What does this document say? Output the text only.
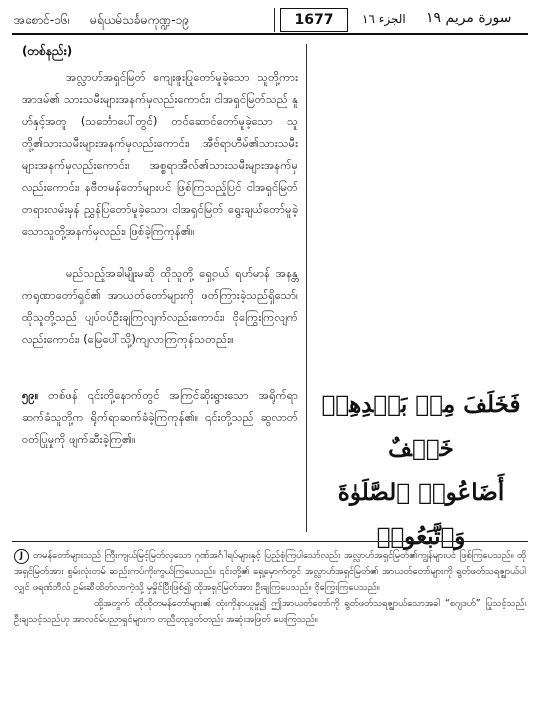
အစောင်-၁၆၊ မရ်ယမ်သင်္ခမကုဏ္ဍ-၁၉	1677	الجزء ١٦ سورة مريم ١٩
(တစ်နည်း)

အလ္လာဟ်အရှင်မြတ် ကျေးဇူးပြုတော်မူခဲ့သော သူတို့ကား အာဒမ်၏ သားသမီးများအနက်မှလည်းကောင်း၊ ငါအရှင်မြတ်သည် နူဟ်နှင့်အတူ (သင်္ဘောပေါ်တွင်) တင်ဆောင်တော်မူခဲ့သော သူတို့၏သားသမီးများအနက်မှလည်းကောင်း၊ အီဗ်ရာဟီမ်၏သားသမီးများအနက်မှလည်းကောင်း၊ အစ္စရာအီလ်၏သားသမီးများအနက်မှလည်းကောင်း၊ နဗီတမန်တော်များပင် ဖြစ်ကြသည့်ပြင် ငါအရှင်မြတ် တရားလမ်းမှန် ညွှန်ပြတော်မူခဲ့သော၊ ငါအရှင်မြတ် ရွေးချယ်တော်မူခဲ့သောသူတို့အနက်မှလည်း၊ ဖြစ်ခဲ့ကြကုန်၏။

မည်သည့်အခါမျိုးမဆို ထိုသူတို့ ရှေ့ဝယ် ရဟ်မာန် အနန္တကရုဏာတော်ရှင်၏ အာယတ်တော်များကို ဖတ်ကြားခဲ့သည်ရှိသော်၊ ထိုသူတို့သည် ပျပ်ဝပ်ဦးချကြလျက်လည်းကောင်း၊ ငိုကြွေးကြလျက်လည်းကောင်း၊ (မြေပေါ်သို့)ကျလာကြကုန်သတည်း။

၅၉။ တစ်ဖန် ၎င်းတို့နောက်တွင် အကြင်ဆိုးရွားသော အရိုက်ရာဆက်ခံသူတို့က ရိုက်ရာဆက်ခံခဲ့ကြကုန်၏။ ၎င်းတို့သည် ဆွလာတ်ဝတ်ပြုမှုကို ဖျက်ဆီးခဲ့ကြ၏။

فَخَلَفَ مِنۢ بَعۡدِهِمۡ خَلۡفٌ
أَضَاعُوا۟ ٱلصَّلَوٰةَ وَٱتَّبَعُوا۟

J တမန်တော်များသည် ကြီးကျယ်မြင့်မြတ်လှသော ဂုဏ်အင်္ဂါရပ်များနှင့် ပြည့်စုံကြပါသော်လည်း အလ္လာဟ်အရှင်မြတ်၏ကျွန်များပင် ဖြစ်ကြပေသည်။ ထိုအရှင်မြတ်အား စွမ်းလုံးတမ် ဆည်းကပ်ကိုးကွယ်ကြပေသည်။ ၎င်းတို့၏ ရှေ့မှောက်တွင် အလ္လာဟ်အရှင်မြတ်၏ အာယတ်တော်များကို ရွတ်ဖတ်သရဇ္ဈာယ်ပါလျှင် ဖရဏ်ဘီလ် ဥမ်းဆီထိတ်လာကဲ့သို့ မှမှိုင်ပြီးဖြစ်၍ ထိုအရှင်မြတ်အား ဦးချကြပေသည်။ ငိုကြွေးကြပေသည်။

ထို့အတွက် ထိုထိုတမန်တော်များ၏ ထုံးကိုနာယူမှု၍ ဤအာယတ်တော်ကို ရွတ်ဖတ်သရဇ္ဈာယ်သောအခါ “စဂျဒဟ်” ပြုသင့်သည်၊ ဦးချသင့်သည်ဟု အာလင်မ်ပညာရှင်များက တညီတညွတ်တည်း အဆုံးအဖြတ် ပေးကြသည်။
